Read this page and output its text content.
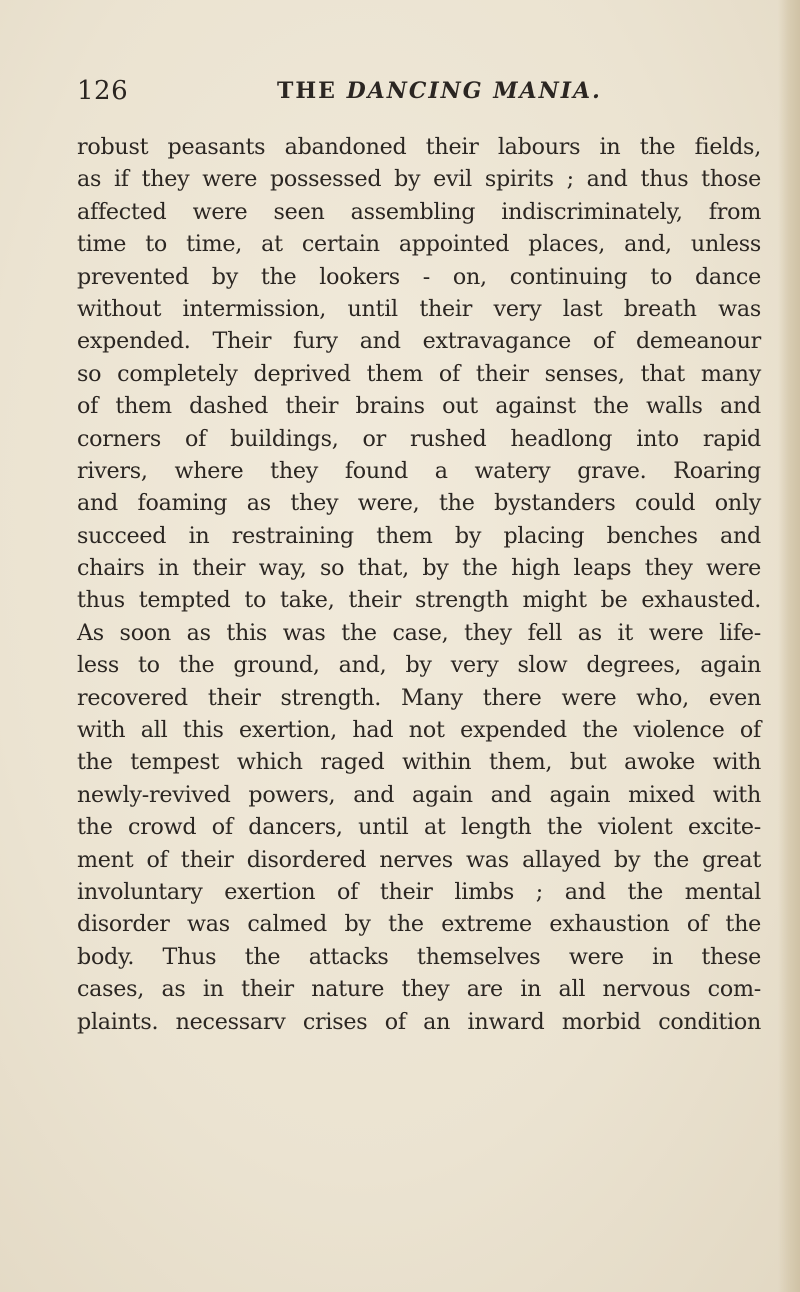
126	THE DANCING MANIA.
robust peasants abandoned their labours in the fields,
as if they were possessed by evil spirits ; and thus those
affected were seen assembling indiscriminately, from
time to time, at certain appointed places, and, unless
prevented by the lookers - on, continuing to dance
without intermission, until their very last breath was
expended. Their fury and extravagance of demeanour
so completely deprived them of their senses, that many
of them dashed their brains out against the walls and
corners of buildings, or rushed headlong into rapid
rivers, where they found a watery grave. Roaring
and foaming as they were, the bystanders could only
succeed in restraining them by placing benches and
chairs in their way, so that, by the high leaps they were
thus tempted to take, their strength might be exhausted.
As soon as this was the case, they fell as it were life-
less to the ground, and, by very slow degrees, again
recovered their strength. Many there were who, even
with all this exertion, had not expended the violence of
the tempest which raged within them, but awoke with
newly-revived powers, and again and again mixed with
the crowd of dancers, until at length the violent excite-
ment of their disordered nerves was allayed by the great
involuntary exertion of their limbs ; and the mental
disorder was calmed by the extreme exhaustion of the
body. Thus the attacks themselves were in these
cases, as in their nature they are in all nervous com-
plaints. necessarv crises of an inward morbid condition
